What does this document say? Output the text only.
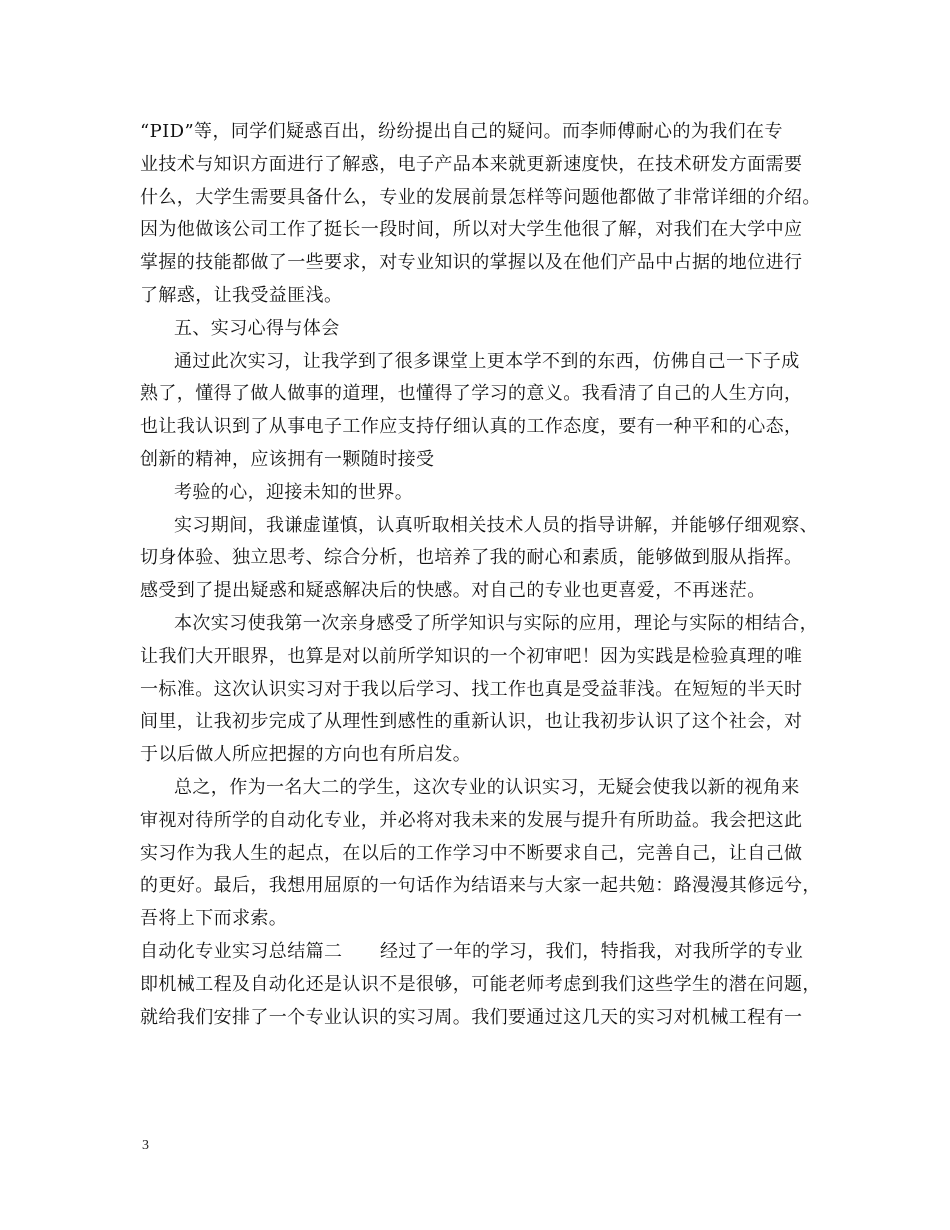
“PID”等，同学们疑惑百出，纷纷提出自己的疑问。而李师傅耐心的为我们在专
业技术与知识方面进行了解惑，电子产品本来就更新速度快，在技术研发方面需要
什么，大学生需要具备什么，专业的发展前景怎样等问题他都做了非常详细的介绍。
因为他做该公司工作了挺长一段时间，所以对大学生他很了解，对我们在大学中应
掌握的技能都做了一些要求，对专业知识的掌握以及在他们产品中占据的地位进行
了解惑，让我受益匪浅。
五、实习心得与体会
通过此次实习，让我学到了很多课堂上更本学不到的东西，仿佛自己一下子成
熟了，懂得了做人做事的道理，也懂得了学习的意义。我看清了自己的人生方向，
也让我认识到了从事电子工作应支持仔细认真的工作态度，要有一种平和的心态，
创新的精神，应该拥有一颗随时接受
考验的心，迎接未知的世界。
实习期间，我谦虚谨慎，认真听取相关技术人员的指导讲解，并能够仔细观察、
切身体验、独立思考、综合分析，也培养了我的耐心和素质，能够做到服从指挥。
感受到了提出疑惑和疑惑解决后的快感。对自己的专业也更喜爱，不再迷茫。
本次实习使我第一次亲身感受了所学知识与实际的应用，理论与实际的相结合，
让我们大开眼界，也算是对以前所学知识的一个初审吧！因为实践是检验真理的唯
一标准。这次认识实习对于我以后学习、找工作也真是受益菲浅。在短短的半天时
间里，让我初步完成了从理性到感性的重新认识，也让我初步认识了这个社会，对
于以后做人所应把握的方向也有所启发。
总之，作为一名大二的学生，这次专业的认识实习，无疑会使我以新的视角来
审视对待所学的自动化专业，并必将对我未来的发展与提升有所助益。我会把这此
实习作为我人生的起点，在以后的工作学习中不断要求自己，完善自己，让自己做
的更好。最后，我想用屈原的一句话作为结语来与大家一起共勉：路漫漫其修远兮，
吾将上下而求索。
自动化专业实习总结篇二 经过了一年的学习，我们，特指我，对我所学的专业
即机械工程及自动化还是认识不是很够，可能老师考虑到我们这些学生的潜在问题，
就给我们安排了一个专业认识的实习周。我们要通过这几天的实习对机械工程有一
3
